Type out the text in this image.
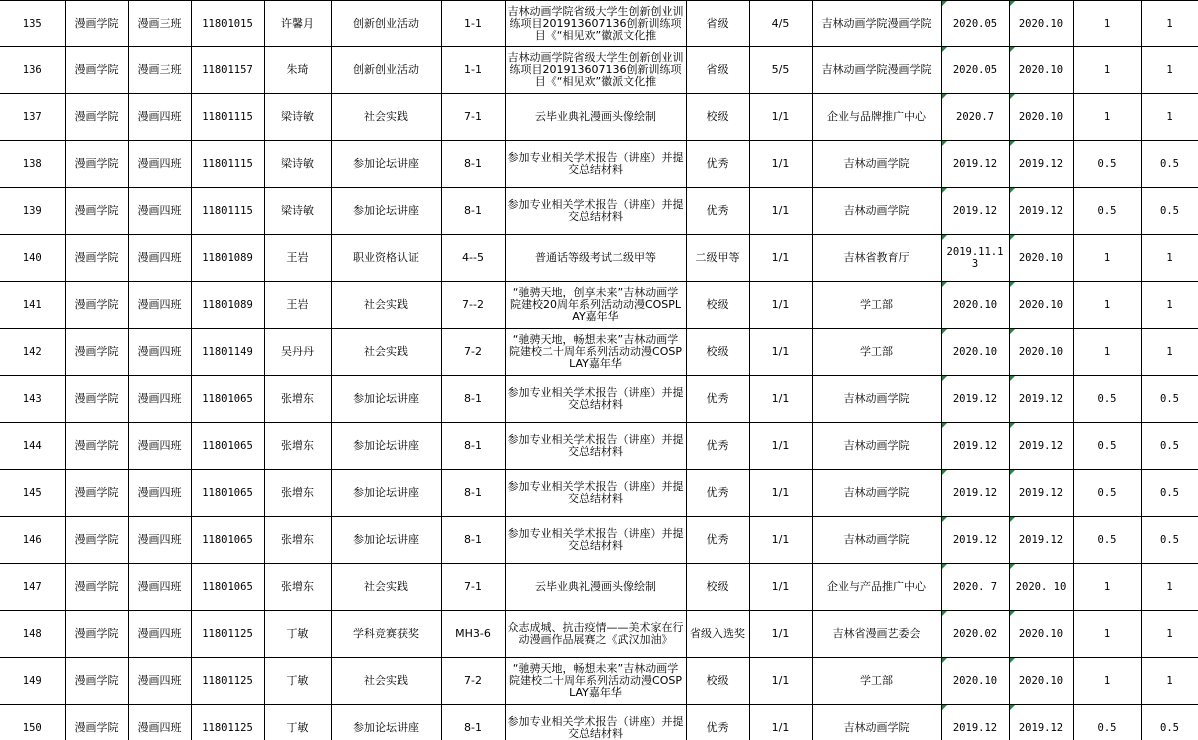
135	漫画学院	漫画三班	11801015	许馨月	创新创业活动	1-1	吉林动画学院省级大学生创新创业训练项目201913607136创新训练项目《“相见欢”徽派文化推	省级	4/5	吉林动画学院漫画学院	2020.05	2020.10	1	1
136	漫画学院	漫画三班	11801157	朱琦	创新创业活动	1-1	吉林动画学院省级大学生创新创业训练项目201913607136创新训练项目《“相见欢”徽派文化推	省级	5/5	吉林动画学院漫画学院	2020.05	2020.10	1	1
137	漫画学院	漫画四班	11801115	梁诗敏	社会实践	7-1	云毕业典礼漫画头像绘制	校级	1/1	企业与品牌推广中心	2020.7	2020.10	1	1
138	漫画学院	漫画四班	11801115	梁诗敏	参加论坛讲座	8-1	参加专业相关学术报告（讲座）并提交总结材料	优秀	1/1	吉林动画学院	2019.12	2019.12	0.5	0.5
139	漫画学院	漫画四班	11801115	梁诗敏	参加论坛讲座	8-1	参加专业相关学术报告（讲座）并提交总结材料	优秀	1/1	吉林动画学院	2019.12	2019.12	0.5	0.5
140	漫画学院	漫画四班	11801089	王岩	职业资格认证	4--5	普通话等级考试二级甲等	二级甲等	1/1	吉林省教育厅	2019.11.13	2020.10	1	1
141	漫画学院	漫画四班	11801089	王岩	社会实践	7--2	“驰骋天地，创享未来”吉林动画学院建校20周年系列活动动漫COSPLAY嘉年华	校级	1/1	学工部	2020.10	2020.10	1	1
142	漫画学院	漫画四班	11801149	吴丹丹	社会实践	7-2	“驰骋天地，畅想未来”吉林动画学院建校二十周年系列活动动漫COSPLAY嘉年华	校级	1/1	学工部	2020.10	2020.10	1	1
143	漫画学院	漫画四班	11801065	张增东	参加论坛讲座	8-1	参加专业相关学术报告（讲座）并提交总结材料	优秀	1/1	吉林动画学院	2019.12	2019.12	0.5	0.5
144	漫画学院	漫画四班	11801065	张增东	参加论坛讲座	8-1	参加专业相关学术报告（讲座）并提交总结材料	优秀	1/1	吉林动画学院	2019.12	2019.12	0.5	0.5
145	漫画学院	漫画四班	11801065	张增东	参加论坛讲座	8-1	参加专业相关学术报告（讲座）并提交总结材料	优秀	1/1	吉林动画学院	2019.12	2019.12	0.5	0.5
146	漫画学院	漫画四班	11801065	张增东	参加论坛讲座	8-1	参加专业相关学术报告（讲座）并提交总结材料	优秀	1/1	吉林动画学院	2019.12	2019.12	0.5	0.5
147	漫画学院	漫画四班	11801065	张增东	社会实践	7-1	云毕业典礼漫画头像绘制	校级	1/1	企业与产品推广中心	2020. 7	2020. 10	1	1
148	漫画学院	漫画四班	11801125	丁敏	学科竞赛获奖	MH3-6	众志成城、抗击疫情——美术家在行动漫画作品展赛之《武汉加油》	省级入选奖	1/1	吉林省漫画艺委会	2020.02	2020.10	1	1
149	漫画学院	漫画四班	11801125	丁敏	社会实践	7-2	“驰骋天地，畅想未来”吉林动画学院建校二十周年系列活动动漫COSPLAY嘉年华	校级	1/1	学工部	2020.10	2020.10	1	1
150	漫画学院	漫画四班	11801125	丁敏	参加论坛讲座	8-1	参加专业相关学术报告（讲座）并提交总结材料	优秀	1/1	吉林动画学院	2019.12	2019.12	0.5	0.5
